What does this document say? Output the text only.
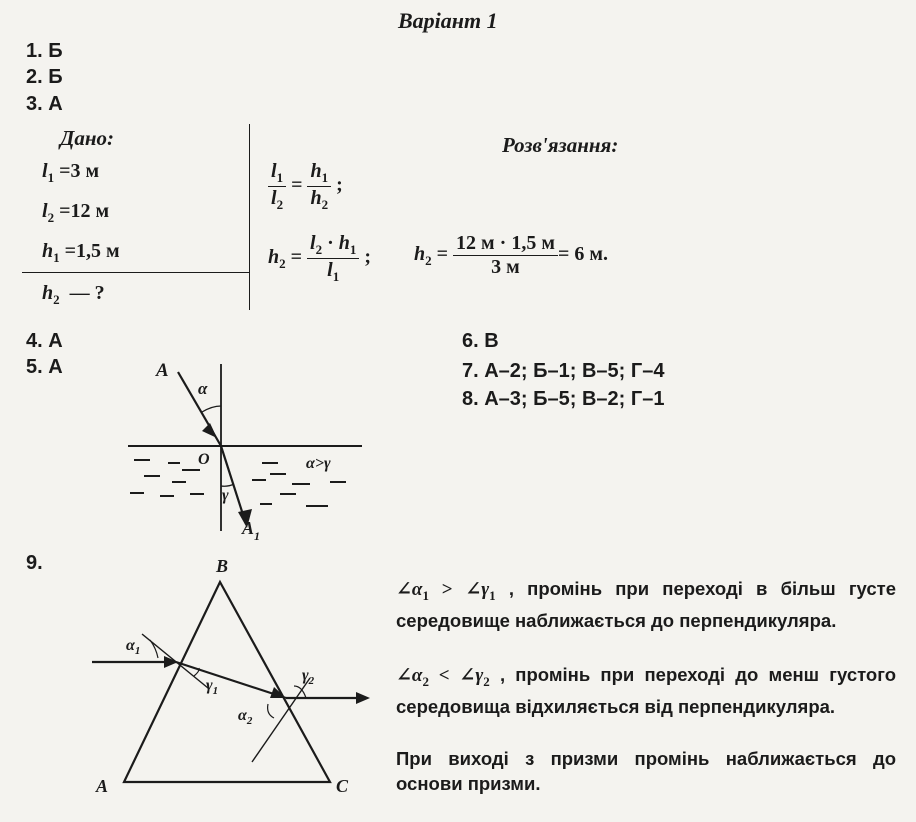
Варіант 1
1. Б
2. Б
3. А
Дано:
$l_1 =3$ м
$l_2 =12$ м
$h_1 =1,5$ м
$h_2$ — ?
Розв'язання:
$\frac{l_1}{l_2} = \frac{h_1}{h_2}$ ;
$h_2 = \frac{l_2 \cdot h_1}{l_1}$ ; $h_2 = \frac{12 м \cdot 1,5 м}{3 м} = 6$ м.
4. А
5. А
6. В
7. А–2; Б–1; В–5; Г–4
8. А–3; Б–5; В–2; Г–1
A
α
O
γ
$A_1$
α>γ
9.	B
A	C
$\alpha_1$
$\gamma_1$
$\alpha_2$
$\gamma_2$
$\angle\alpha_1$ > $\angle\gamma_1$ , промінь при переході в більш густе середовище наближається до перпендикуляра.
$\angle\alpha_2$ < $\angle\gamma_2$ , промінь при переході до менш густого середовища відхиляється від перпендикуляра.
При виході з призми промінь наближається до основи призми.
